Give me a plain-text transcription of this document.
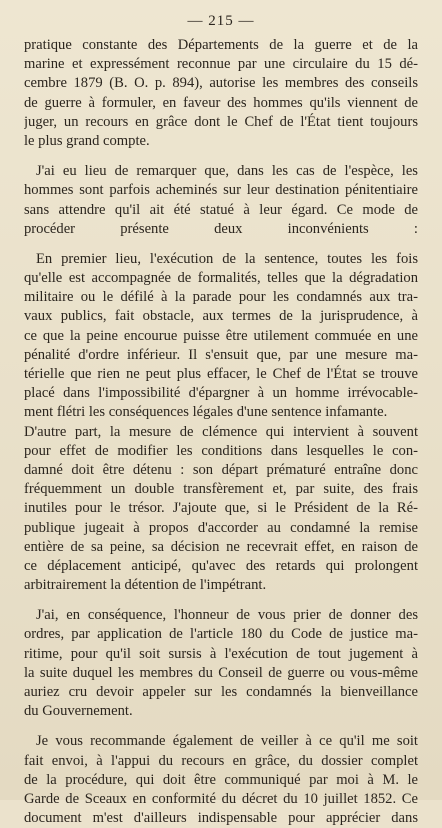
— 215 —
pratique constante des Départements de la guerre et de la
marine et expressément reconnue par une circulaire du 15 dé-
cembre 1879 (B. O. p. 894), autorise les membres des conseils
de guerre à formuler, en faveur des hommes qu'ils viennent de
juger, un recours en grâce dont le Chef de l'État tient toujours
le plus grand compte.
J'ai eu lieu de remarquer que, dans les cas de l'espèce, les
hommes sont parfois acheminés sur leur destination pénitentiaire
sans attendre qu'il ait été statué à leur égard. Ce mode de
procéder présente deux inconvénients :
En premier lieu, l'exécution de la sentence, toutes les fois
qu'elle est accompagnée de formalités, telles que la dégradation
militaire ou le défilé à la parade pour les condamnés aux tra-
vaux publics, fait obstacle, aux termes de la jurisprudence, à
ce que la peine encourue puisse être utilement commuée en une
pénalité d'ordre inférieur. Il s'ensuit que, par une mesure ma-
térielle que rien ne peut plus effacer, le Chef de l'État se trouve
placé dans l'impossibilité d'épargner à un homme irrévocable-
ment flétri les conséquences légales d'une sentence infamante.
D'autre part, la mesure de clémence qui intervient à souvent
pour effet de modifier les conditions dans lesquelles le con-
damné doit être détenu : son départ prématuré entraîne donc
fréquemment un double transfèrement et, par suite, des frais
inutiles pour le trésor. J'ajoute que, si le Président de la Ré-
publique jugeait à propos d'accorder au condamné la remise
entière de sa peine, sa décision ne recevrait effet, en raison de
ce déplacement anticipé, qu'avec des retards qui prolongent
arbitrairement la détention de l'impétrant.
J'ai, en conséquence, l'honneur de vous prier de donner des
ordres, par application de l'article 180 du Code de justice ma-
ritime, pour qu'il soit sursis à l'exécution de tout jugement à
la suite duquel les membres du Conseil de guerre ou vous-même
auriez cru devoir appeler sur les condamnés la bienveillance
du Gouvernement.
Je vous recommande également de veiller à ce qu'il me soit
fait envoi, à l'appui du recours en grâce, du dossier complet
de la procédure, qui doit être communiqué par moi à M. le
Garde de Sceaux en conformité du décret du 10 juillet 1852. Ce
document m'est d'ailleurs indispensable pour apprécier dans
